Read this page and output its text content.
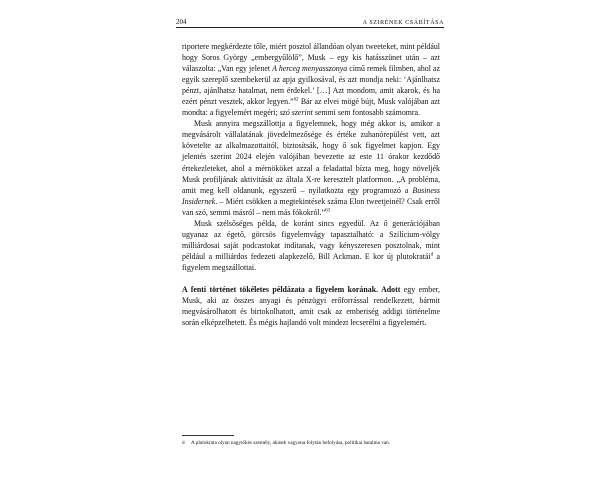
204	A SZIRÉNEK CSÁBÍTÁSA

riportere megkérdezte tőle, miért posztol állandóan olyan tweeteket, mint például hogy Soros György „embergyűlölő”, Musk – egy kis hatásszünet után – azt válaszolta: „Van egy jelenet A herceg menyasszonya című remek filmben, ahol az egyik szereplő szembekerül az apja gyilkosával, és azt mondja neki: ‘Ajánlhatsz pénzt, ajánlhatsz hatalmat, nem érdekel.’ […] Azt mondom, amit akarok, és ha ezért pénzt vesztek, akkor legyen.”$^{62}$ Bár az elvei mögé bújt, Musk valójában azt mondta: a figyelemért megéri; szó szerint semmi sem fontosabb számomra.

Musk annyira megszállottja a figyelemnek, hogy még akkor is, amikor a megvásárolt vállalatának jövedelmezősége és értéke zuhanórepülést vett, azt követelte az alkalmazottaitól, biztosítsák, hogy ő sok figyelmet kapjon. Egy jelentés szerint 2024 elején valójában bevezette az este 11 órakor kezdődő értekezleteket, ahol a mérnököket azzal a feladattal bízta meg, hogy növeljék Musk profiljának aktivitását az általa X-re keresztelt platformon. „A probléma, amit meg kell oldanunk, egyszerű – nyilatkozta egy programozó a Business Insidernek. – Miért csökken a megtekintések száma Elon tweetjeinél? Csak erről van szó, semmi másról – nem más fókokról.”$^{63}$

Musk szélsőséges példa, de koránt sincs egyedül. Az ő generációjában ugyanaz az égető, görcsös figyelemvágy tapasztalható: a Szilícium-völgy milliárdosai saját podcastokat indítanak, vagy kényszeresen posztolnak, mint például a milliárdos fedezeti alapkezelő, Bill Ackman. E kor új plutokratái$^d$ a figyelem megszállottai.

A fenti történet tökéletes példázata a figyelem korának. Adott egy ember, Musk, aki az összes anyagi és pénzügyi erőforrással rendelkezett, bármit megvásárolhatott és birtokolhatott, amit csak az emberiség addigi történelme során elképzelhetett. És mégis hajlandó volt mindezt lecserélni a figyelemért.

d	A plutokrata olyan nagytőkés személy, akinek vagyona folytán befolyása, politikai hatalma van.
